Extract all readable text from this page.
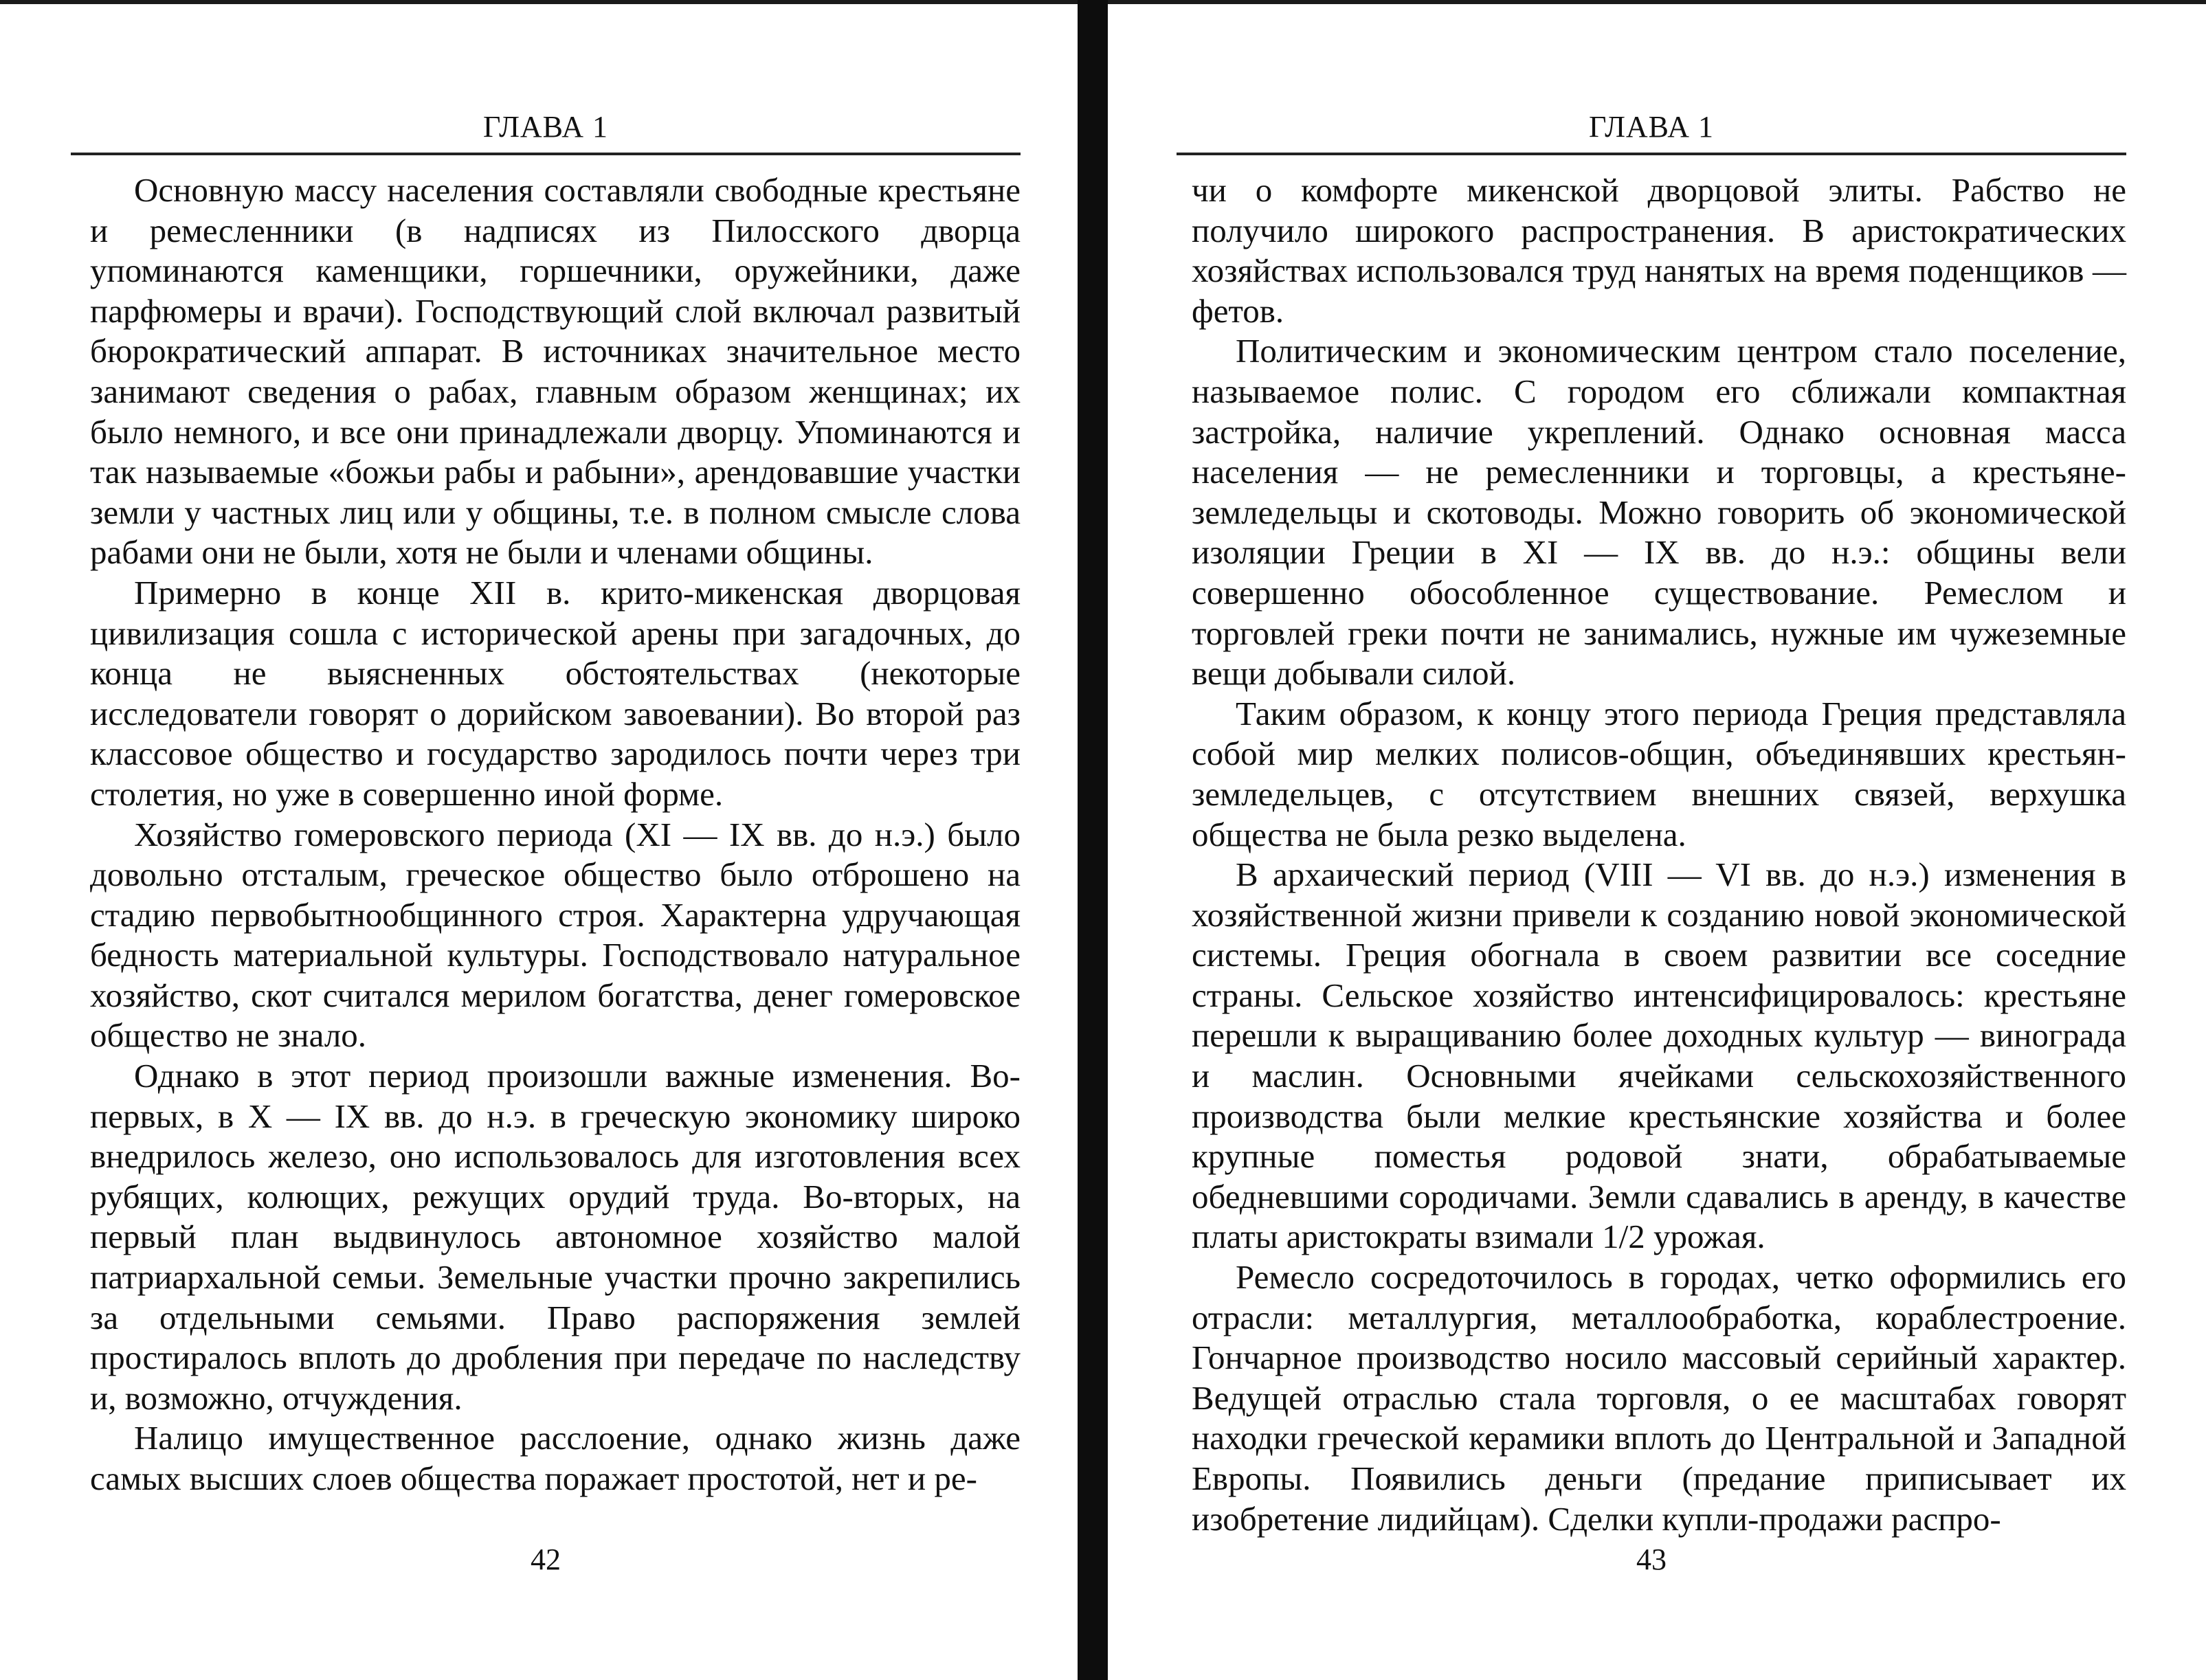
ГЛАВА 1

Основную массу населения составляли свободные крестьяне и ремесленники (в надписях из Пилосского дворца упоминаются каменщики, горшечники, оружейники, даже парфюмеры и врачи). Господствующий слой включал развитый бюрократический аппарат. В источниках значительное место занимают сведения о рабах, главным образом женщинах; их было немного, и все они принадлежали дворцу. Упоминаются и так называемые «божьи рабы и рабыни», арендовавшие участки земли у частных лиц или у общины, т.е. в полном смысле слова рабами они не были, хотя не были и членами общины.

Примерно в конце XII в. крито-микенская дворцовая цивилизация сошла с исторической арены при загадочных, до конца не выясненных обстоятельствах (некоторые исследователи говорят о дорийском завоевании). Во второй раз классовое общество и государство зародилось почти через три столетия, но уже в совершенно иной форме.

Хозяйство гомеровского периода (XI — IX вв. до н.э.) было довольно отсталым, греческое общество было отброшено на стадию первобытнообщинного строя. Характерна удручающая бедность материальной культуры. Господствовало натуральное хозяйство, скот считался мерилом богатства, денег гомеровское общество не знало.

Однако в этот период произошли важные изменения. Во-первых, в X — IX вв. до н.э. в греческую экономику широко внедрилось железо, оно использовалось для изготовления всех рубящих, колющих, режущих орудий труда. Во-вторых, на первый план выдвинулось автономное хозяйство малой патриархальной семьи. Земельные участки прочно закрепились за отдельными семьями. Право распоряжения землей простиралось вплоть до дробления при передаче по наследству и, возможно, отчуждения.

Налицо имущественное расслоение, однако жизнь даже самых высших слоев общества поражает простотой, нет и ре-

42
ГЛАВА 1

чи о комфорте микенской дворцовой элиты. Рабство не получило широкого распространения. В аристократических хозяйствах использовался труд нанятых на время поденщиков — фетов.

Политическим и экономическим центром стало поселение, называемое полис. С городом его сближали компактная застройка, наличие укреплений. Однако основная масса населения — не ремесленники и торговцы, а крестьяне-земледельцы и скотоводы. Можно говорить об экономической изоляции Греции в XI — IX вв. до н.э.: общины вели совершенно обособленное существование. Ремеслом и торговлей греки почти не занимались, нужные им чужеземные вещи добывали силой.

Таким образом, к концу этого периода Греция представляла собой мир мелких полисов-общин, объединявших крестьян-земледельцев, с отсутствием внешних связей, верхушка общества не была резко выделена.

В архаический период (VIII — VI вв. до н.э.) изменения в хозяйственной жизни привели к созданию новой экономической системы. Греция обогнала в своем развитии все соседние страны. Сельское хозяйство интенсифицировалось: крестьяне перешли к выращиванию более доходных культур — винограда и маслин. Основными ячейками сельскохозяйственного производства были мелкие крестьянские хозяйства и более крупные поместья родовой знати, обрабатываемые обедневшими сородичами. Земли сдавались в аренду, в качестве платы аристократы взимали 1/2 урожая.

Ремесло сосредоточилось в городах, четко оформились его отрасли: металлургия, металлообработка, кораблестроение. Гончарное производство носило массовый серийный характер. Ведущей отраслью стала торговля, о ее масштабах говорят находки греческой керамики вплоть до Центральной и Западной Европы. Появились деньги (предание приписывает их изобретение лидийцам). Сделки купли-продажи распро-

43
